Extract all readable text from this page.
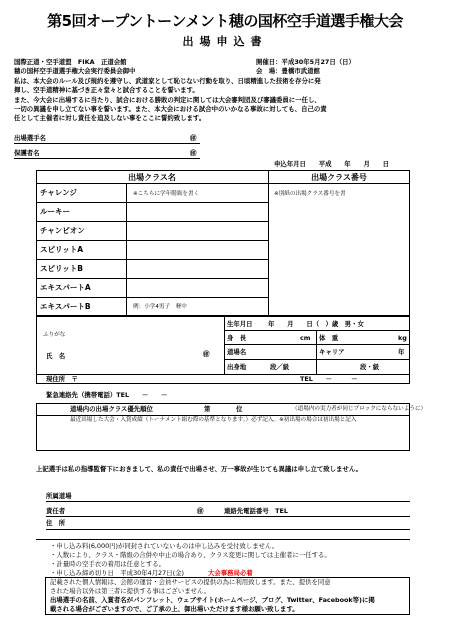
第5回オープントーンメント穂の国杯空手道選手権大会
出場申込書
国際正道・空手道盟　FIKA　正道会館	開催日：平成30年5月27日（日）
穂の国杯空手道選手権大会実行委員会御中	会　場：豊橋市武道館
私は、本大会のルール及び規約を遵守し、武道家として恥じない行動を取り、日頃精進した技術を存分に発
揮し、空手道精神に基づき正々堂々と試合することを誓います。
また、今大会に出場するに当たり、試合における勝敗の判定に関しては大会審判団及び審議委員に一任し、
一切の異議を申し立てない事を誓います。また、本大会における試合中のいかなる事故に対しても、自己の責
任として主催者に対し責任を追及しない事をここに誓約致します。
出場選手名	㊞
保護者名	㊞
申込年月日　　平成　　年　　月　　日
出場クラス名	出場クラス番号
チャレンジ
ルーキー
チャンピオン
スピリットA
スピリットB
エキスパートA
エキスパートB
※こちらに学年階級を書く	※別紙の出場クラス番号を書
例：小学4男子　軽中
ふりがな
氏　名	㊞
生年月日 年　　月　　日（　）歳　男・女
身　長	cm 体　重	kg
道場名	キャリア	年
出身地	段／級	段・級
現住所　〒	TEL　　－　　　－
緊急連絡先（携帯電話）TEL　　－　　－
道場内の出場クラス優先順位	第　　　　位	（道場内の実力者が同じブロックにならないように）
最近出場した大会・入賞成績（トーナメント組む際の基準となります。）必ず記入。※初出場の場合は初出場と記入
上記選手は私の指導監督下におきまして、私の責任で出場させ、万一事故が生じても異議は申し立て致しません。
所属道場
責任者	㊞	連絡先電話番号　TEL
住　所
・申し込み料(6,000円)が同封されていないものは申し込みを受付致しません。
・人数により、クラス・階級の合併や中止の場合あり、クラス変更に関しては主催者に一任する。
・計量時の空手衣の着用は任意とする。
・申し込み締め切り日　平成30年4月27日(金)	大会事務局必着
記載された個人情報は、会館の運営・会員サービスの提供の為に利用致します。また、提供を同意
された場合以外は第三者に提供する事はございません。
出場選手の名前、入賞者名がパンフレット、ウェブサイト(ホームページ、ブログ、Twitter、Facebook等)に掲
載される場合がございますので、ご了承の上、御出場いただけます様お願い致します。
